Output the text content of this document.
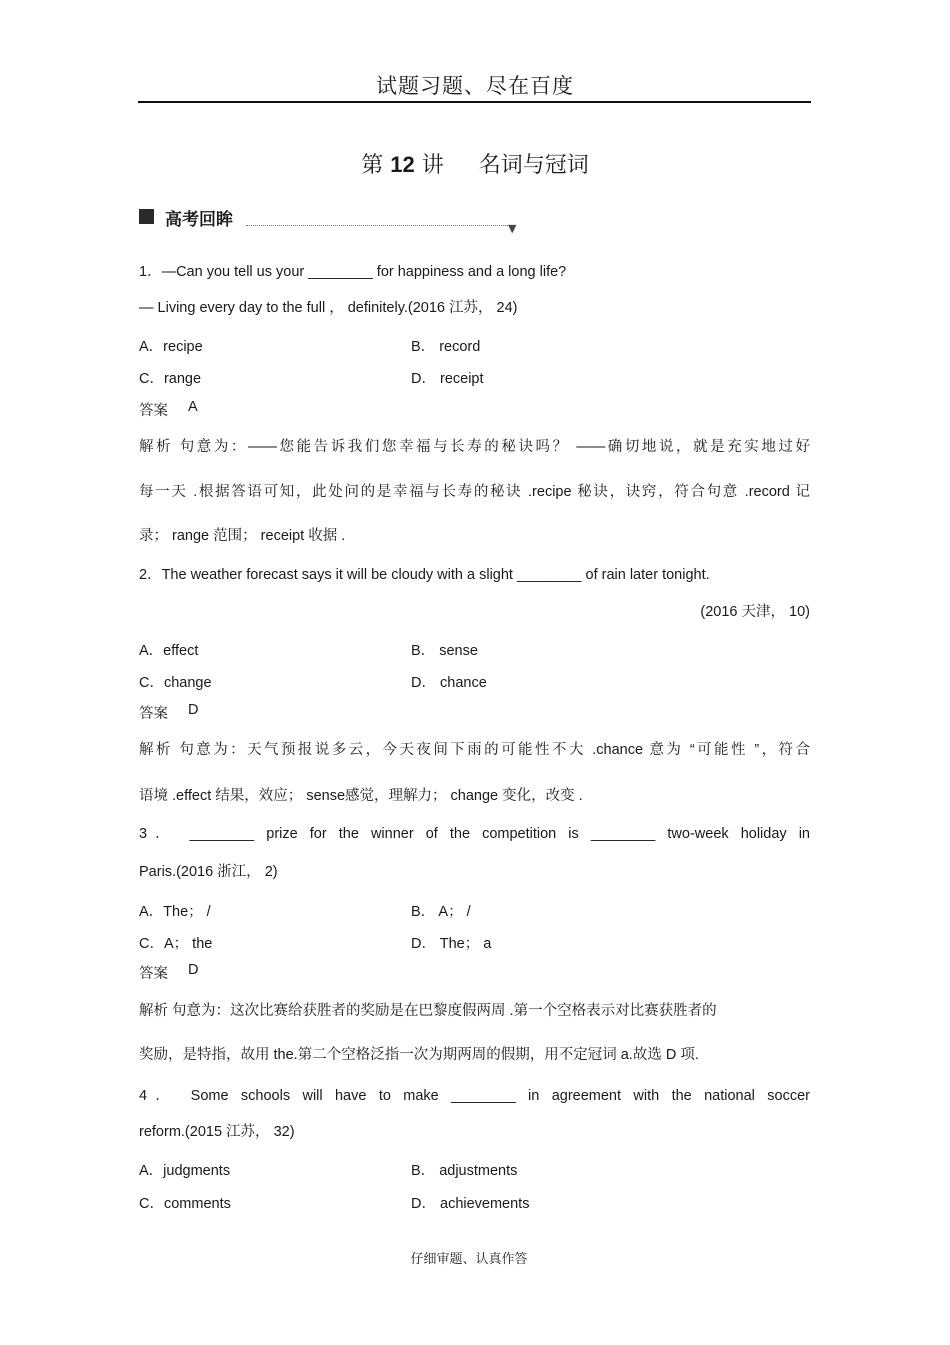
试题习题、尽在百度
第 12 讲 名词与冠词
高考回眸	▼
1．—Can you tell us your ________ for happiness and a long life?
— Living every day to the full ， definitely.(2016 江苏， 24)
A．recipe	B． record
C．range	D． receipt
答案 A
解析 句意为：——您能告诉我们您幸福与长寿的秘诀吗？ ——确切地说，就是充实地过好
每一天 .根据答语可知，此处问的是幸福与长寿的秘诀 .recipe 秘诀，诀窍，符合句意 .record 记
录； range 范围； receipt 收据 .
2．The weather forecast says it will be cloudy with a slight ________ of rain later tonight.
(2016 天津， 10)
A．effect	B． sense
C．change	D． chance
答案 D
解析 句意为：天气预报说多云，今天夜间下雨的可能性不大 .chance 意为 “可能性 ”，符合
语境 .effect 结果，效应； sense感觉，理解力； change 变化，改变 .
3． ________ prize for the winner of the competition is ________ two-week holiday in
Paris.(2016 浙江， 2)
A．The； /	B． A； /
C．A； the	D． The； a
答案 D
解析 句意为：这次比赛给获胜者的奖励是在巴黎度假两周 .第一个空格表示对比赛获胜者的
奖励，是特指，故用 the.第二个空格泛指一次为期两周的假期，用不定冠词 a.故选 D 项.
4． Some schools will have to make ________ in agreement with the national soccer
reform.(2015 江苏， 32)
A．judgments	B． adjustments
C．comments	D． achievements
仔细审题、认真作答
